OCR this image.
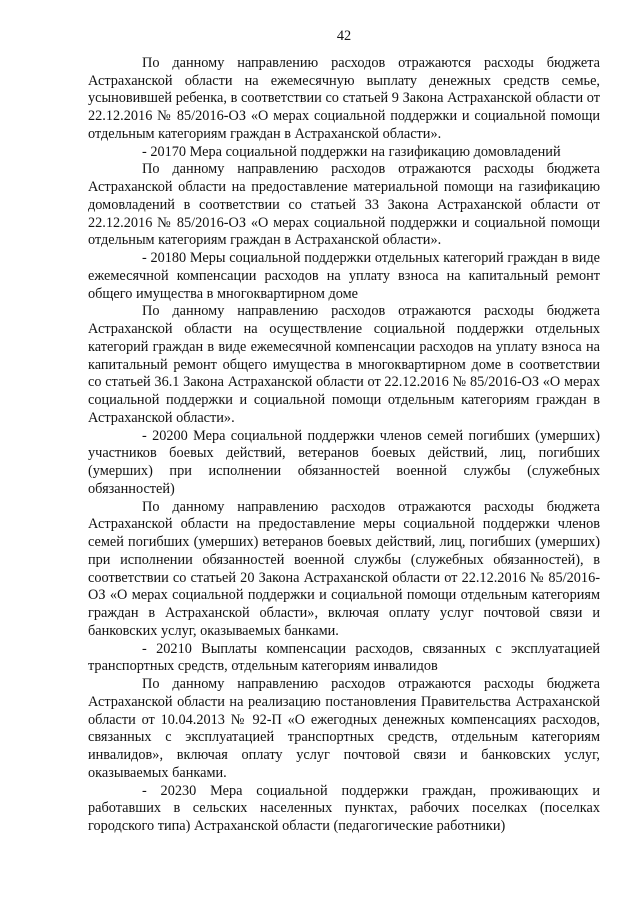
42

По данному направлению расходов отражаются расходы бюджета Астраханской области на ежемесячную выплату денежных средств семье, усыновившей ребенка, в соответствии со статьей 9 Закона Астраханской области от 22.12.2016 № 85/2016-ОЗ «О мерах социальной поддержки и социальной помощи отдельным категориям граждан в Астраханской области».

- 20170 Мера социальной поддержки на газификацию домовладений

По данному направлению расходов отражаются расходы бюджета Астраханской области на предоставление материальной помощи на газификацию домовладений в соответствии со статьей 33 Закона Астраханской области от 22.12.2016 № 85/2016-ОЗ «О мерах социальной поддержки и социальной помощи отдельным категориям граждан в Астраханской области».

- 20180 Меры социальной поддержки отдельных категорий граждан в виде ежемесячной компенсации расходов на уплату взноса на капитальный ремонт общего имущества в многоквартирном доме

По данному направлению расходов отражаются расходы бюджета Астраханской области на осуществление социальной поддержки отдельных категорий граждан в виде ежемесячной компенсации расходов на уплату взноса на капитальный ремонт общего имущества в многоквартирном доме в соответствии со статьей 36.1 Закона Астраханской области от 22.12.2016 № 85/2016-ОЗ «О мерах социальной поддержки и социальной помощи отдельным категориям граждан в Астраханской области».

- 20200 Мера социальной поддержки членов семей погибших (умерших) участников боевых действий, ветеранов боевых действий, лиц, погибших (умерших) при исполнении обязанностей военной службы (служебных обязанностей)

По данному направлению расходов отражаются расходы бюджета Астраханской области на предоставление меры социальной поддержки членов семей погибших (умерших) ветеранов боевых действий, лиц, погибших (умерших) при исполнении обязанностей военной службы (служебных обязанностей), в соответствии со статьей 20 Закона Астраханской области от 22.12.2016 № 85/2016-ОЗ «О мерах социальной поддержки и социальной помощи отдельным категориям граждан в Астраханской области», включая оплату услуг почтовой связи и банковских услуг, оказываемых банками.

- 20210 Выплаты компенсации расходов, связанных с эксплуатацией транспортных средств, отдельным категориям инвалидов

По данному направлению расходов отражаются расходы бюджета Астраханской области на реализацию постановления Правительства Астраханской области от 10.04.2013 № 92-П «О ежегодных денежных компенсациях расходов, связанных с эксплуатацией транспортных средств, отдельным категориям инвалидов», включая оплату услуг почтовой связи и банковских услуг, оказываемых банками.

- 20230 Мера социальной поддержки граждан, проживающих и работавших в сельских населенных пунктах, рабочих поселках (поселках городского типа) Астраханской области (педагогические работники)
